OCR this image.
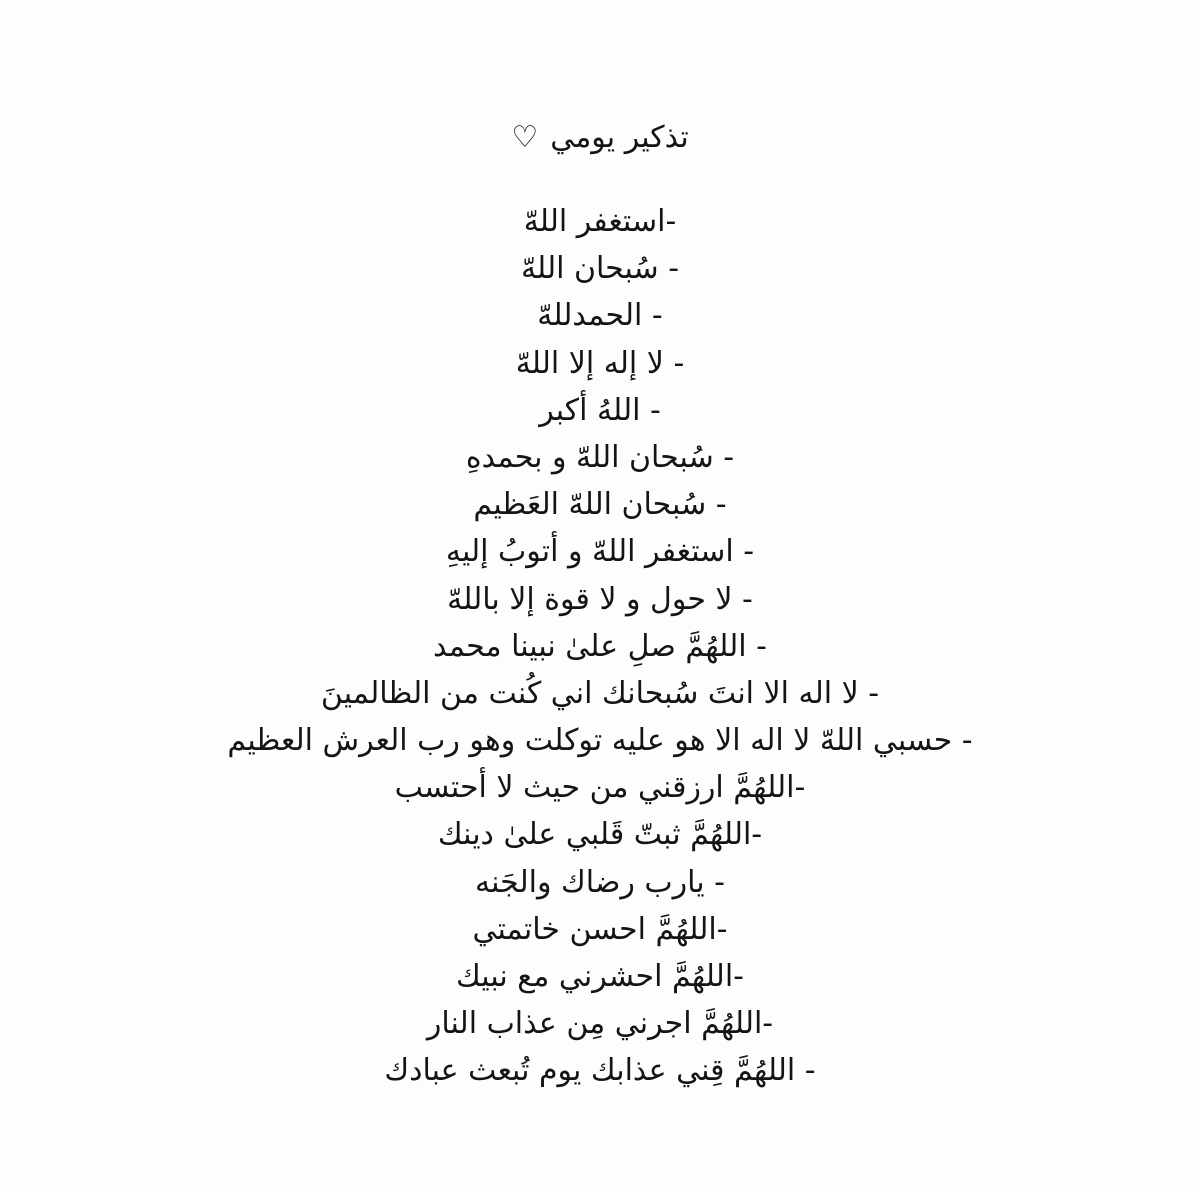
تذكير يومي
♡
-استغفر اللهّ
- سُبحان اللهّ
- الحمدللهّ
- لا إله إلا اللهّ
- اللهُ أكبر
- سُبحان اللهّ و بحمدهِ
- سُبحان اللهّ العَظيم
- استغفر اللهّ و أتوبُ إليهِ
- لا حول و لا قوة إلا باللهّ
- اللهُمَّ صلِ علىٰ نبينا محمد
- لا اله الا انتَ سُبحانك اني كُنت من الظالمينَ
- حسبي اللهّ لا اله الا هو عليه توكلت وهو رب العرش العظيم
-اللهُمَّ ارزقني من حيث لا أحتسب
-اللهُمَّ ثبتّ قَلبي علىٰ دينك
- يارب رضاك والجَنه
-اللهُمَّ احسن خاتمتي
-اللهُمَّ احشرني مع نبيك
-اللهُمَّ اجرني مِن عذاب النار
- اللهُمَّ قِني عذابك يوم تُبعث عبادك
